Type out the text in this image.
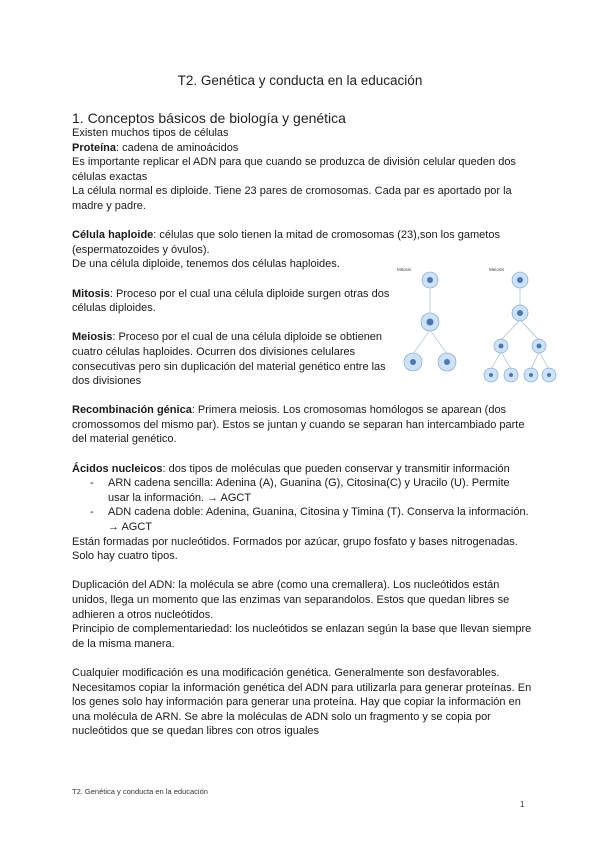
T2. Genética y conducta en la educación
1. Conceptos básicos de biología y genética

Existen muchos tipos de células

Proteína: cadena de aminoácidos

Es importante replicar el ADN para que cuando se produzca de división celular queden dos células exactas

La célula normal es diploide. Tiene 23 pares de cromosomas. Cada par es aportado por la madre y padre.

Célula haploide: células que solo tienen la mitad de cromosomas (23),son los gametos (espermatozoides y óvulos).

De una célula diploide, tenemos dos células haploides.

Mitosis: Proceso por el cual una célula diploide surgen otras dos células diploides.

Meiosis: Proceso por el cual de una célula diploide se obtienen cuatro células haploides. Ocurren dos divisiones celulares consecutivas pero sin duplicación del material genético entre las dos divisiones

Recombinación génica: Primera meiosis. Los cromosomas homólogos se aparean (dos cromossomos del mismo par). Estos se juntan y cuando se separan han intercambiado parte del material genético.

Ácidos nucleicos: dos tipos de moléculas que pueden conservar y transmitir información

- ARN cadena sencilla: Adenina (A), Guanina (G), Citosina(C) y Uracilo (U). Permite usar la información. → AGCT
- ADN cadena doble: Adenina, Guanina, Citosina y Timina (T). Conserva la información. → AGCT

Están formadas por nucleótidos. Formados por azúcar, grupo fosfato y bases nitrogenadas. Solo hay cuatro tipos.

Duplicación del ADN: la molécula se abre (como una cremallera). Los nucleótidos están unidos, llega un momento que las enzimas van separandolos. Estos que quedan libres se adhieren a otros nucleótidos.

Principio de complementariedad: los nucleótidos se enlazan según la base que llevan siempre de la misma manera.

Cualquier modificación es una modificación genética. Generalmente son desfavorables. Necesitamos copiar la información genética del ADN para utilizarla para generar proteínas. En los genes solo hay información para generar una proteína. Hay que copiar la información en una molécula de ARN. Se abre la moléculas de ADN solo un fragmento y se copia por nucleótidos que se quedan libres con otros iguales

Mitosis	Meiosis
T2. Genética y conducta en la educación
1
